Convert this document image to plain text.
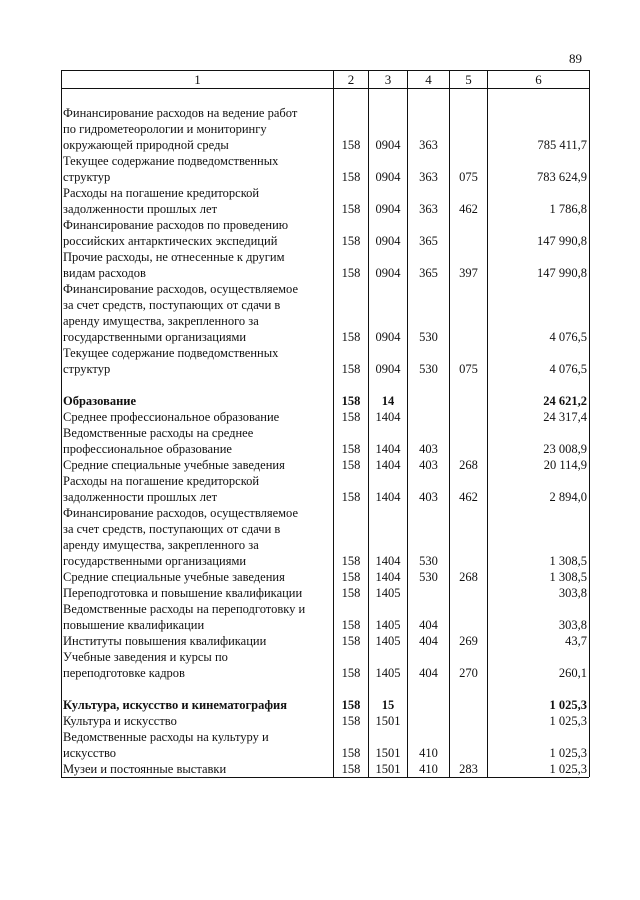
89
1	2	3	4	5	6

Финансирование расходов на ведение работ
по гидрометеорологии и мониторингу
окружающей природной среды	158	0904	363		785 411,7
Текущее содержание подведомственных
структур	158	0904	363	075	783 624,9
Расходы на погашение кредиторской
задолженности прошлых лет	158	0904	363	462	1 786,8
Финансирование расходов по проведению
российских антарктических экспедиций	158	0904	365		147 990,8
Прочие расходы, не отнесенные к другим
видам расходов	158	0904	365	397	147 990,8
Финансирование расходов, осуществляемое
за счет средств, поступающих от сдачи в
аренду имущества, закрепленного за
государственными организациями	158	0904	530		4 076,5
Текущее содержание подведомственных
структур	158	0904	530	075	4 076,5

Образование	158	14			24 621,2
Среднее профессиональное образование	158	1404			24 317,4
Ведомственные расходы на среднее
профессиональное образование	158	1404	403		23 008,9
Средние специальные учебные заведения	158	1404	403	268	20 114,9
Расходы на погашение кредиторской
задолженности прошлых лет	158	1404	403	462	2 894,0
Финансирование расходов, осуществляемое
за счет средств, поступающих от сдачи в
аренду имущества, закрепленного за
государственными организациями	158	1404	530		1 308,5
Средние специальные учебные заведения	158	1404	530	268	1 308,5
Переподготовка и повышение квалификации	158	1405			303,8
Ведомственные расходы на переподготовку и
повышение квалификации	158	1405	404		303,8
Институты повышения квалификации	158	1405	404	269	43,7
Учебные заведения и курсы по
переподготовке кадров	158	1405	404	270	260,1

Культура, искусство и кинематография	158	15			1 025,3
Культура и искусство	158	1501			1 025,3
Ведомственные расходы на культуру и
искусство	158	1501	410		1 025,3
Музеи и постоянные выставки	158	1501	410	283	1 025,3
